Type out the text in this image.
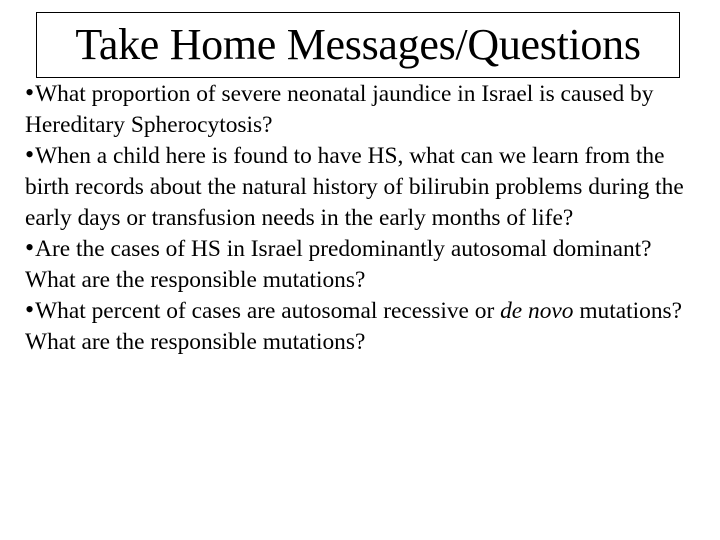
Take Home Messages/Questions

•What proportion of severe neonatal jaundice in Israel is caused by Hereditary Spherocytosis?

•When a child here is found to have HS, what can we learn from the birth records about the natural history of bilirubin problems during the early days or transfusion needs in the early months of life?

•Are the cases of HS in Israel predominantly autosomal dominant? What are the responsible mutations?

•What percent of cases are autosomal recessive or de novo mutations? What are the responsible mutations?
